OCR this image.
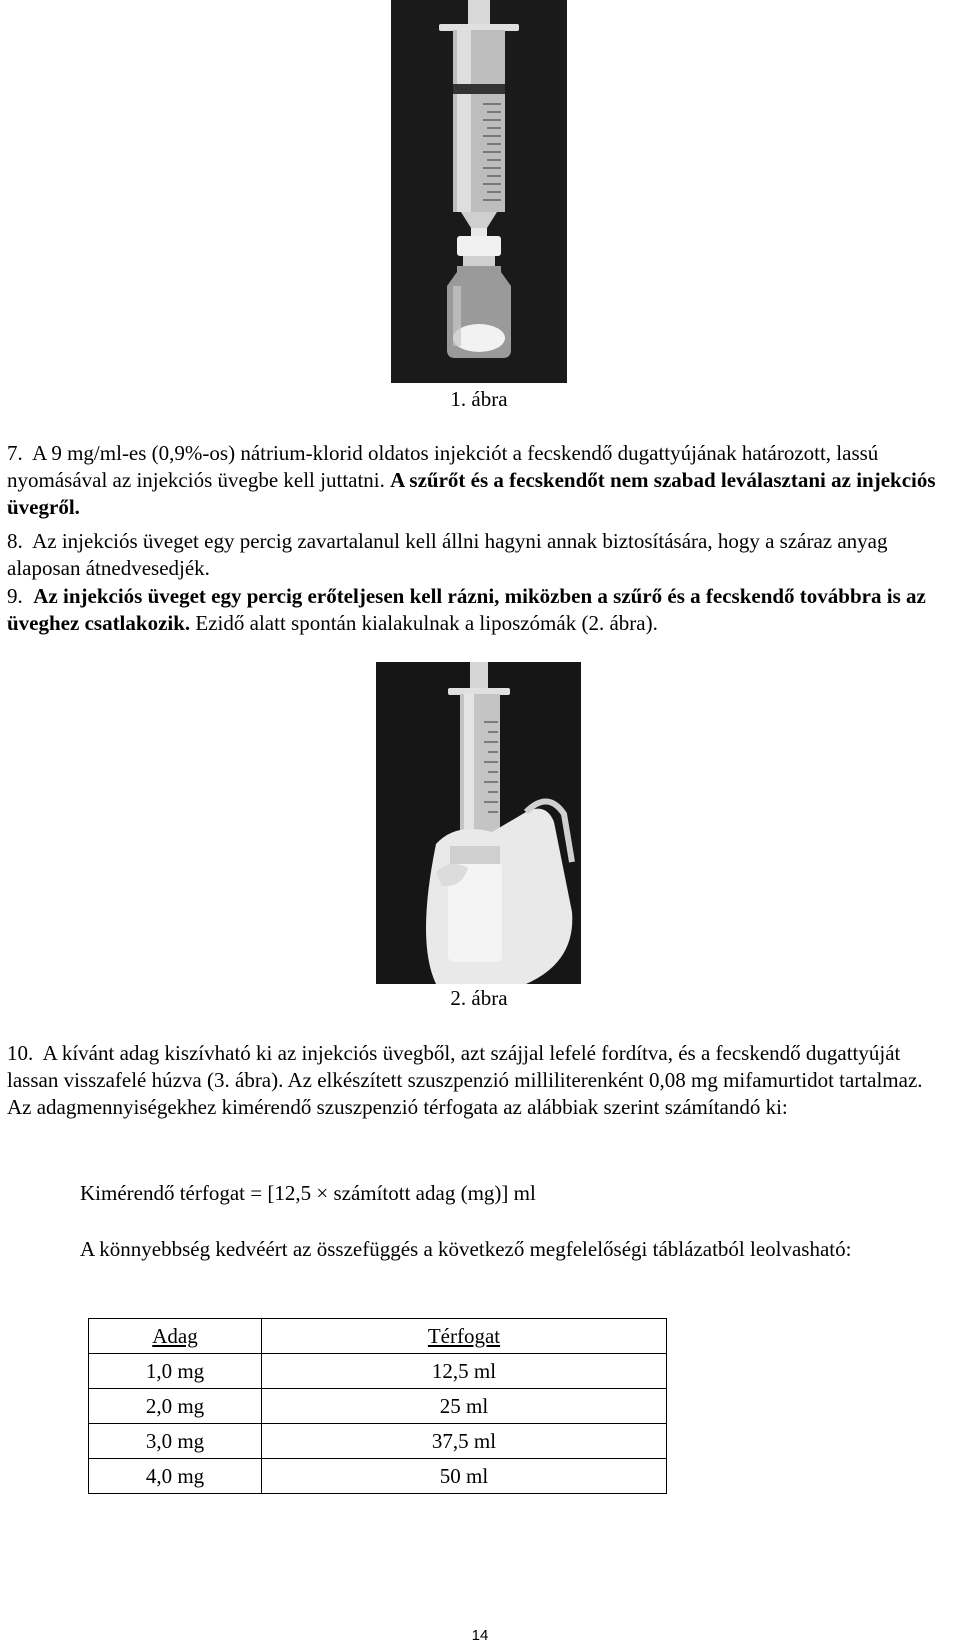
1. ábra
7. A 9 mg/ml-es (0,9%-os) nátrium-klorid oldatos injekciót a fecskendő dugattyújának határozott, lassú nyomásával az injekciós üvegbe kell juttatni. A szűrőt és a fecskendőt nem szabad leválasztani az injekciós üvegről.
8. Az injekciós üveget egy percig zavartalanul kell állni hagyni annak biztosítására, hogy a száraz anyag alaposan átnedvesedjék.
9. Az injekciós üveget egy percig erőteljesen kell rázni, miközben a szűrő és a fecskendő továbbra is az üveghez csatlakozik. Ezidő alatt spontán kialakulnak a liposzómák (2. ábra).
2. ábra
10. A kívánt adag kiszívható ki az injekciós üvegből, azt szájjal lefelé fordítva, és a fecskendő dugattyúját lassan visszafelé húzva (3. ábra). Az elkészített szuszpenzió milliliterenként 0,08 mg mifamurtidot tartalmaz. Az adagmennyiségekhez kimérendő szuszpenzió térfogata az alábbiak szerint számítandó ki:
Kimérendő térfogat = [12,5 × számított adag (mg)] ml
A könnyebbség kedvéért az összefüggés a következő megfelelőségi táblázatból leolvasható:
Adag	Térfogat
1,0 mg	12,5 ml
2,0 mg	25 ml
3,0 mg	37,5 ml
4,0 mg	50 ml
14
